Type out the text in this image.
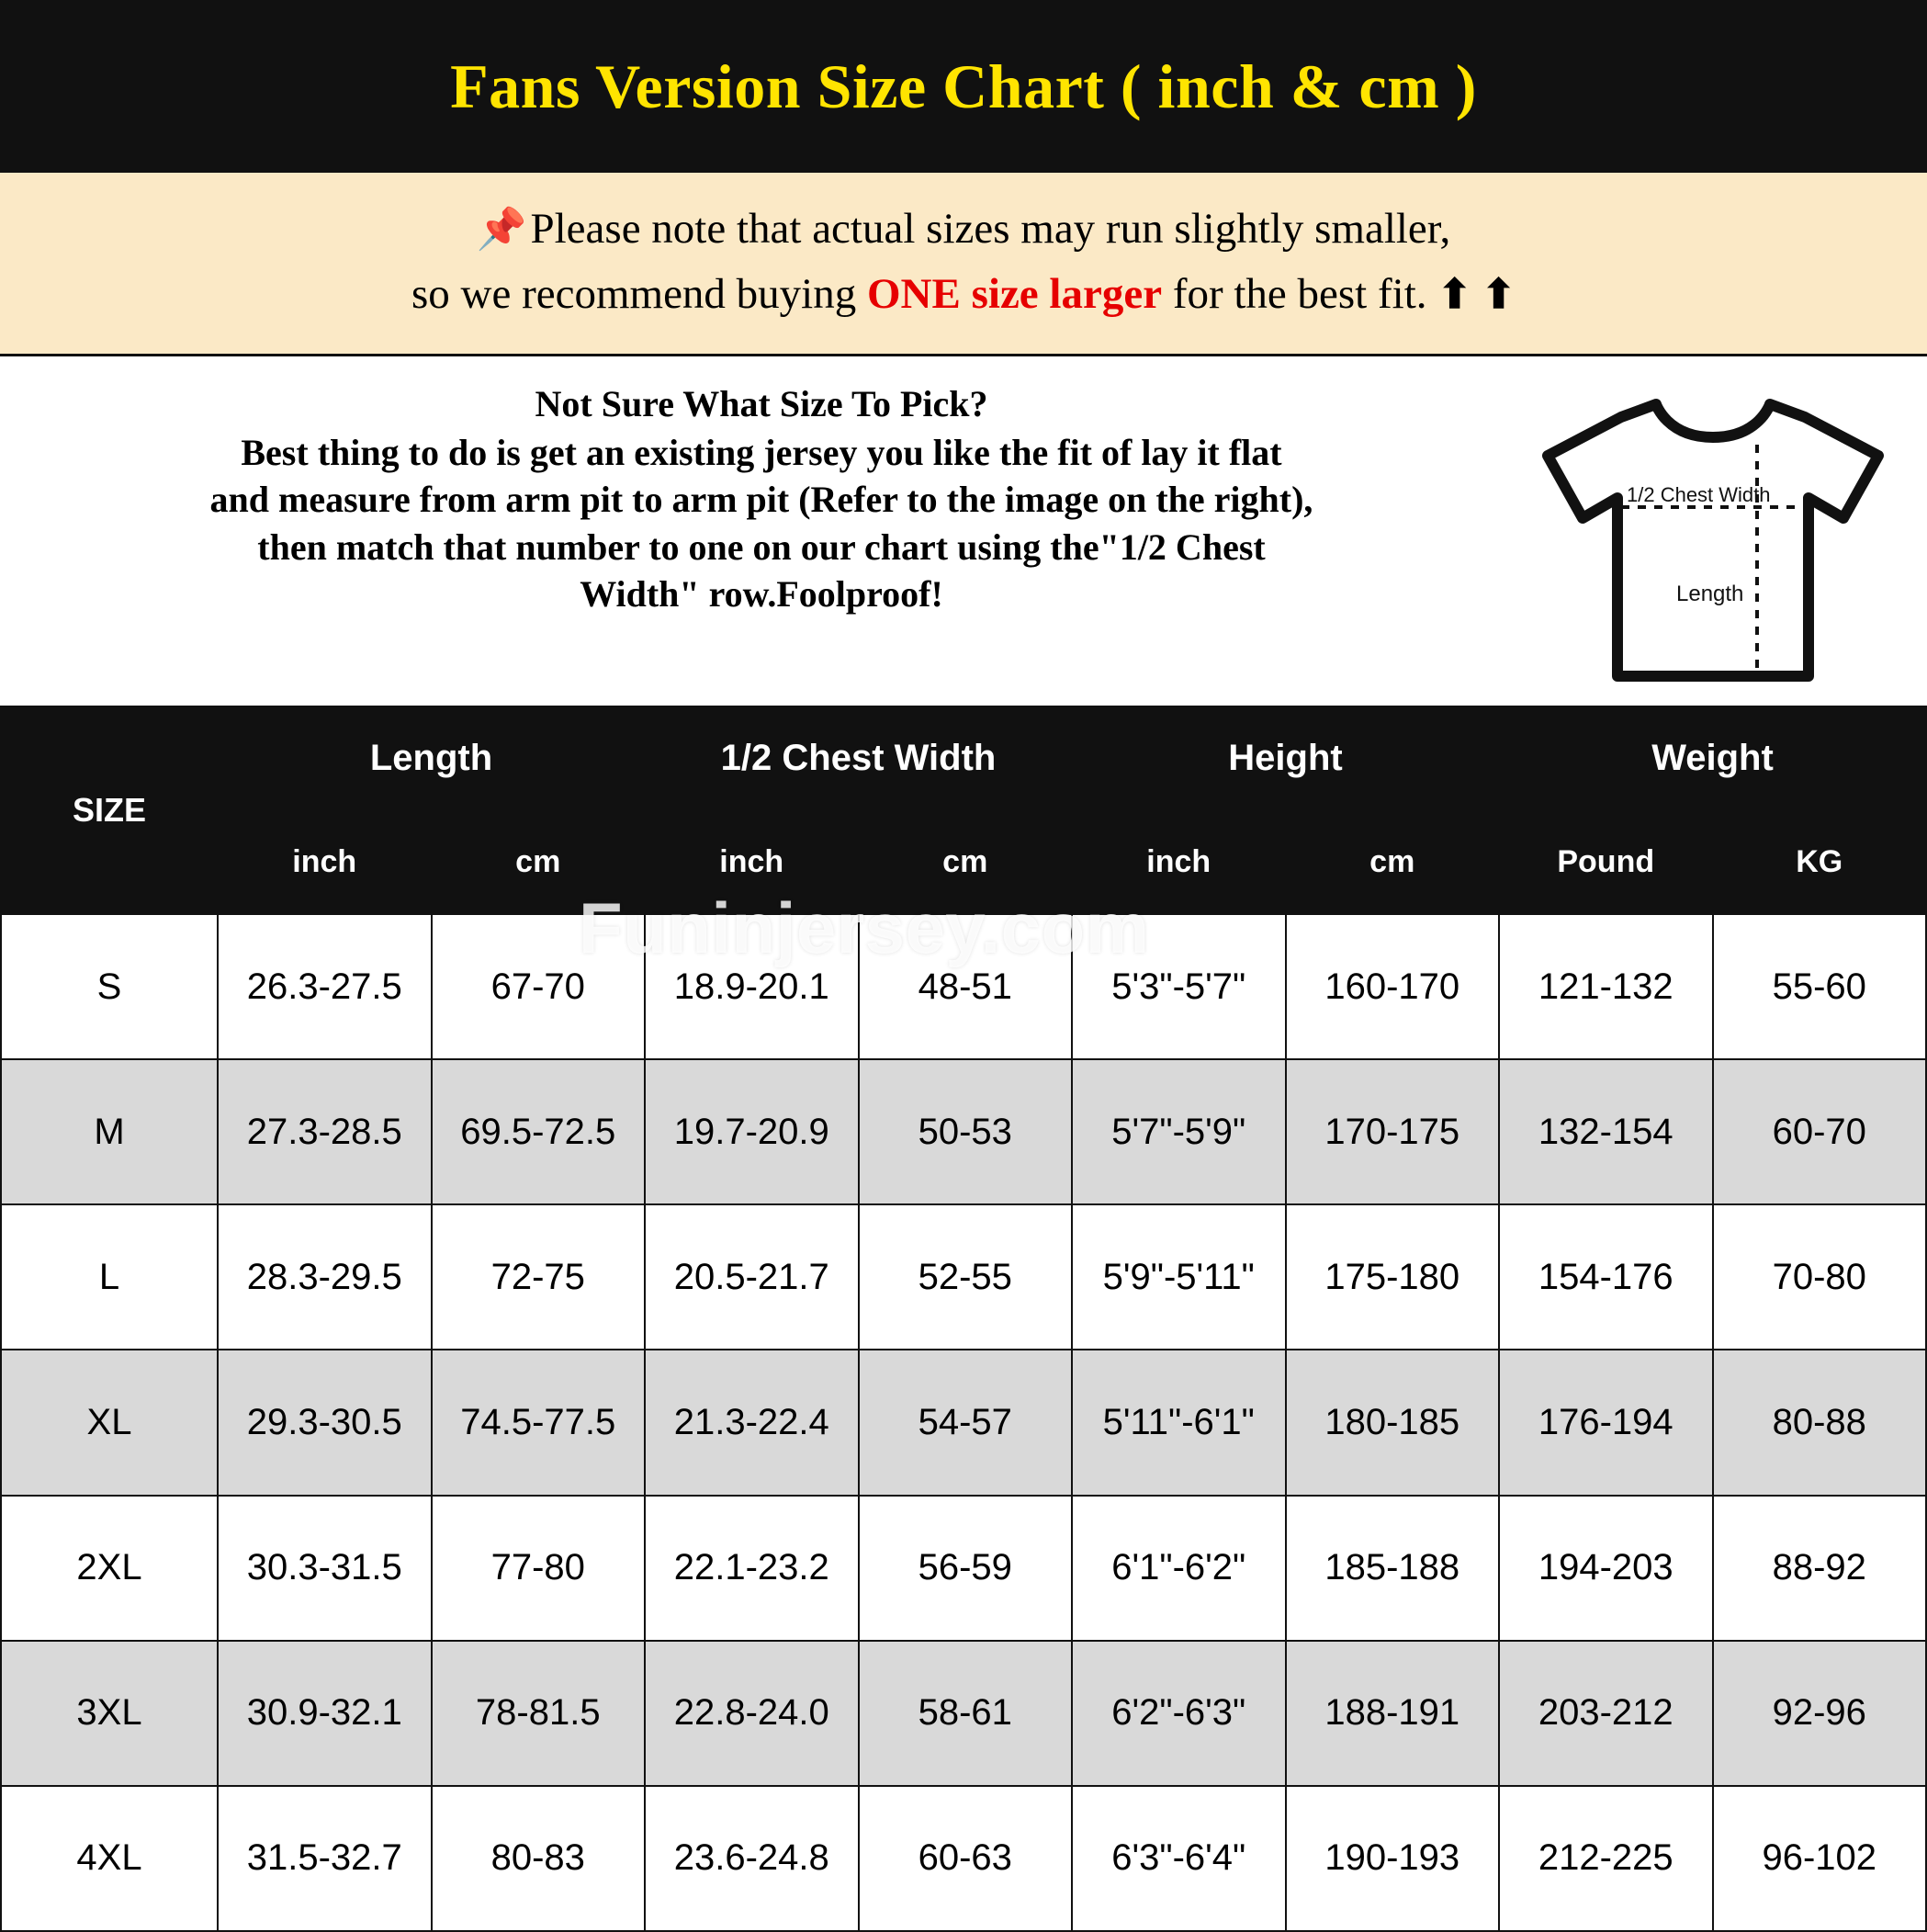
Fans Version Size Chart ( inch & cm )
📌Please note that actual sizes may run slightly smaller,
so we recommend buying ONE size larger for the best fit. ⬆ ⬆
Not Sure What Size To Pick?
Best thing to do is get an existing jersey you like the fit of lay it flat
and measure from arm pit to arm pit (Refer to the image on the right),
then match that number to one on our chart using the"1/2 Chest
Width" row.Foolproof!
1/2 Chest Width
Length
SIZE	Length		1/2 Chest Width		Height		Weight	
	inch	cm	inch	cm	inch	cm	Pound	KG
S	26.3-27.5	67-70	18.9-20.1	48-51	5'3"-5'7"	160-170	121-132	55-60
M	27.3-28.5	69.5-72.5	19.7-20.9	50-53	5'7"-5'9"	170-175	132-154	60-70
L	28.3-29.5	72-75	20.5-21.7	52-55	5'9"-5'11"	175-180	154-176	70-80
XL	29.3-30.5	74.5-77.5	21.3-22.4	54-57	5'11"-6'1"	180-185	176-194	80-88
2XL	30.3-31.5	77-80	22.1-23.2	56-59	6'1"-6'2"	185-188	194-203	88-92
3XL	30.9-32.1	78-81.5	22.8-24.0	58-61	6'2"-6'3"	188-191	203-212	92-96
4XL	31.5-32.7	80-83	23.6-24.8	60-63	6'3"-6'4"	190-193	212-225	96-102
Funinjersey.com
